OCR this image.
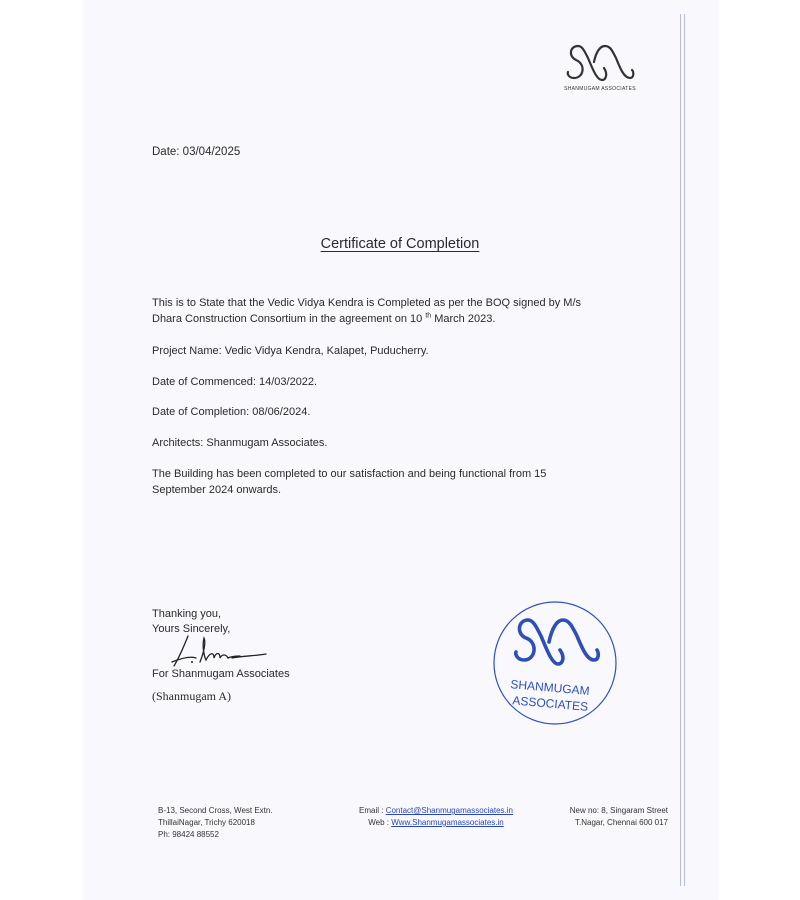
SHANMUGAM ASSOCIATES
Date: 03/04/2025
Certificate of Completion
This is to State that the Vedic Vidya Kendra is Completed as per the BOQ signed by M/s Dhara Construction Consortium in the agreement on 10 $^{th}$ March 2023.
Project Name: Vedic Vidya Kendra, Kalapet, Puducherry.
Date of Commenced: 14/03/2022.
Date of Completion: 08/06/2024.
Architects: Shanmugam Associates.
The Building has been completed to our satisfaction and being functional from 15 September 2024 onwards.
Thanking you,
Yours Sincerely,
For Shanmugam Associates
(Shanmugam A)	SHANMUGAM
ASSOCIATES
B-13, Second Cross, West Extn.
ThillaiNagar, Trichy 620018
Ph: 98424 88552
Email : Contact@Shanmugamassociates.in
Web : Www.Shanmugamassociates.in
New no: 8, Singaram Street
T.Nagar, Chennai 600 017
